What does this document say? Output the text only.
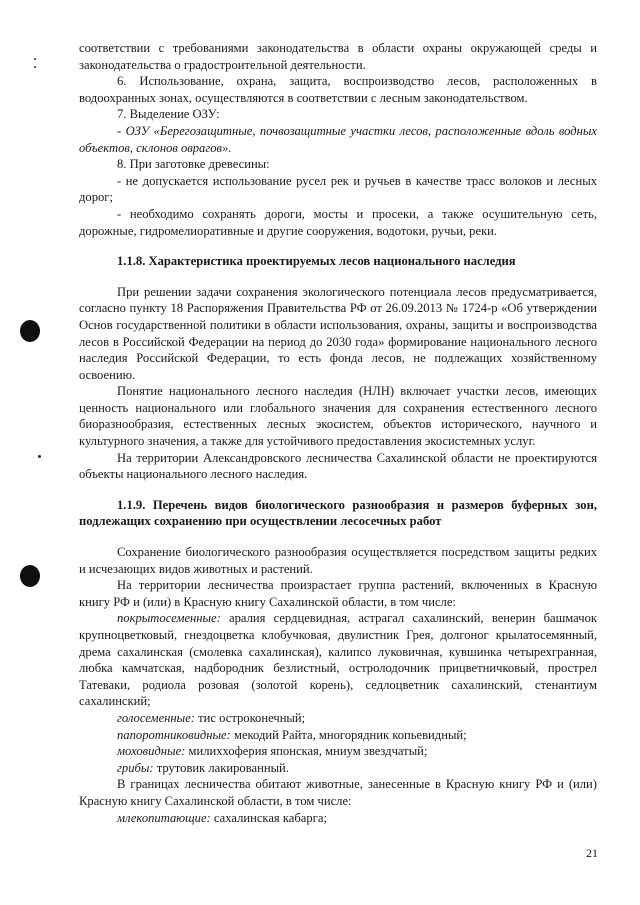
соответствии с требованиями законодательства в области охраны окружающей среды и законодательства о градостроительной деятельности.

6. Использование, охрана, защита, воспроизводство лесов, расположенных в водоохранных зонах, осуществляются в соответствии с лесным законодательством.

7. Выделение ОЗУ:

- ОЗУ «Берегозащитные, почвозащитные участки лесов, расположенные вдоль водных объектов, склонов оврагов».

8. При заготовке древесины:

- не допускается использование русел рек и ручьев в качестве трасс волоков и лесных дорог;

- необходимо сохранять дороги, мосты и просеки, а также осушительную сеть, дорожные, гидромелиоративные и другие сооружения, водотоки, ручьи, реки.

1.1.8. Характеристика проектируемых лесов национального наследия

При решении задачи сохранения экологического потенциала лесов предусматривается, согласно пункту 18 Распоряжения Правительства РФ от 26.09.2013 № 1724-р «Об утверждении Основ государственной политики в области использования, охраны, защиты и воспроизводства лесов в Российской Федерации на период до 2030 года» формирование национального лесного наследия Российской Федерации, то есть фонда лесов, не подлежащих хозяйственному освоению.

Понятие национального лесного наследия (НЛН) включает участки лесов, имеющих ценность национального или глобального значения для сохранения естественного лесного биоразнообразия, естественных лесных экосистем, объектов исторического, научного и культурного значения, а также для устойчивого предоставления экосистемных услуг.

На территории Александровского лесничества Сахалинской области не проектируются объекты национального лесного наследия.

1.1.9. Перечень видов биологического разнообразия и размеров буферных зон, подлежащих сохранению при осуществлении лесосечных работ

Сохранение биологического разнообразия осуществляется посредством защиты редких и исчезающих видов животных и растений.

На территории лесничества произрастает группа растений, включенных в Красную книгу РФ и (или) в Красную книгу Сахалинской области, в том числе:

покрытосеменные: аралия сердцевидная, астрагал сахалинский, венерин башмачок крупноцветковый, гнездоцветка клобучковая, двулистник Грея, долгоног крылатосемянный, дрема сахалинская (смолевка сахалинская), калипсо луковичная, кувшинка четырехгранная, любка камчатская, надбородник безлистный, остролодочник прицветничковый, прострел Татеваки, родиола розовая (золотой корень), седлоцветник сахалинский, стенантиум сахалинский;

голосеменные: тис остроконечный;

папоротниковидные: мекодий Райта, многорядник копьевидный;

моховидные: милиххоферия японская, мниум звездчатый;

грибы: трутовик лакированный.

В границах лесничества обитают животные, занесенные в Красную книгу РФ и (или) Красную книгу Сахалинской области, в том числе:

млекопитающие: сахалинская кабарга;

21
